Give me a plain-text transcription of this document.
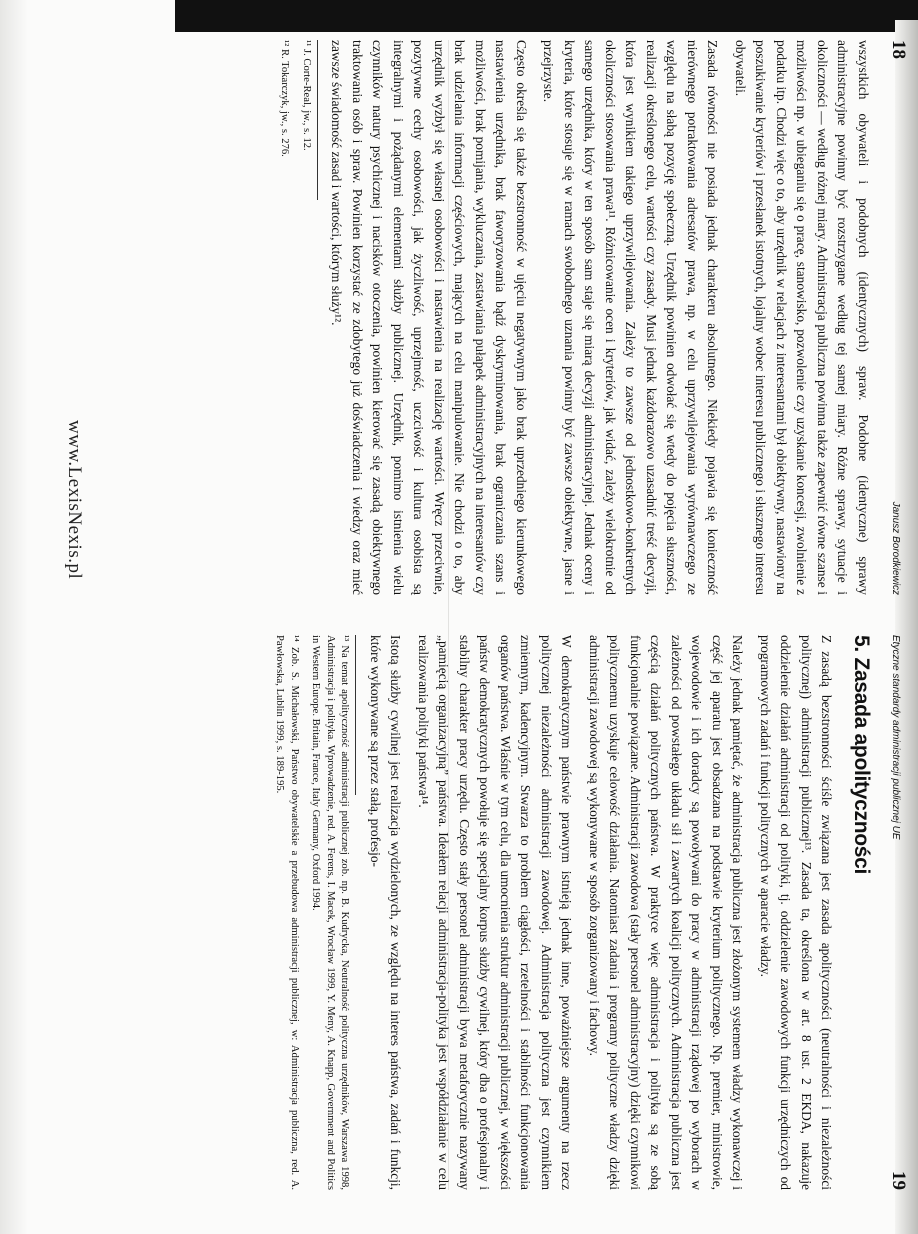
18
Janusz Borodkiewicz

wszystkich obywateli i podobnych (identycznych) spraw. Podobne (identyczne) sprawy administracyjne powinny być rozstrzygane według tej samej miary. Różne sprawy, sytuacje i okoliczności — według różnej miary. Administracja publiczna powinna także zapewnić równe szanse i możliwości np. w ubieganiu się o pracę, stanowisko, pozwolenie czy uzyskanie koncesji, zwolnienie z podatku itp. Chodzi więc o to, aby urzędnik w relacjach z interesantami był obiektywny, nastawiony na poszukiwanie kryteriów i przesłanek istotnych, lojalny wobec interesu publicznego i słusznego interesu obywateli.

Zasada równości nie posiada jednak charakteru absolutnego. Niekiedy pojawia się konieczność nierównego potraktowania adresatów prawa, np. w celu uprzywilejowania wyrównawczego ze względu na słabą pozycję społeczną. Urzędnik powinien odwołać się wtedy do pojęcia słuszności, realizacji określonego celu, wartości czy zasady. Musi jednak każdorazowo uzasadnić treść decyzji, która jest wynikiem takiego uprzywilejowania. Zależy to zawsze od jednostkowo-konkretnych okoliczności stosowania prawa¹¹. Różnicowanie ocen i kryteriów, jak widać, zależy wielokrotnie od samego urzędnika, który w ten sposób sam staje się miarą decyzji administracyjnej. Jednak oceny i kryteria, które stosuje się w ramach swobodnego uznania powinny być zawsze obiektywne, jasne i przejrzyste.

Często określa się także bezstronność w ujęciu negatywnym jako brak uprzedniego kierunkowego nastawienia urzędnika, brak faworyzowania bądź dyskryminowania, brak ograniczania szans i możliwości, brak pomijania, wykluczania, zastawiania pułapek administracyjnych na interesantów czy brak udzielania informacji częściowych, mających na celu manipulowanie. Nie chodzi o to, aby urzędnik wyzbył się własnej osobowości i nastawienia na realizację wartości. Wręcz przeciwnie, pozytywne cechy osobowości, jak życzliwość, uprzejmość, uczciwość i kultura osobista są integralnymi i pożądanymi elementami służby publicznej. Urzędnik, pomimo istnienia wielu czynników natury psychicznej i nacisków otoczenia, powinien kierować się zasadą obiektywnego traktowania osób i spraw. Powinien korzystać ze zdobytego już doświadczenia i wiedzy oraz mieć zawsze świadomość zasad i wartości, którym służy¹².

¹¹ J. Corte-Real, jw., s. 12.

¹² R. Tokarczyk, jw., s. 276.

www.LexisNexis.pl
Etyczne standardy administracji publicznej UE
19
5. Zasada apolityczności

Z zasadą bezstronności ściśle związana jest zasada apolityczności (neutralności i niezależności politycznej) administracji publicznej¹³. Zasada ta, określona w art. 8 ust. 2 EKDA, nakazuje oddzielenie działań administracji od polityki, tj. oddzielenie zawodowych funkcji urzędniczych od programowych zadań i funkcji politycznych w aparacie władzy.

Należy jednak pamiętać, że administracja publiczna jest złożonym systemem władzy wykonawczej i część jej aparatu jest obsadzana na podstawie kryterium politycznego. Np. premier, ministrowie, wojewodowie i ich doradcy są powoływani do pracy w administracji rządowej po wyborach w zależności od powstałego układu sił i zawartych koalicji politycznych. Administracja publiczna jest częścią działań politycznych państwa. W praktyce więc administracja i polityka są ze sobą funkcjonalnie powiązane. Administracji zawodowa (stały personel administracyjny) dzięki czynnikowi politycznemu uzyskuje celowość działania. Natomiast zadania i programy polityczne władzy dzięki administracji zawodowej są wykonywane w sposób zorganizowany i fachowy.

W demokratycznym państwie prawnym istnieją jednak inne, poważniejsze argumenty na rzecz politycznej niezależności administracji zawodowej. Administracja polityczna jest czynnikiem zmiennym, kadencyjnym. Stwarza to problem ciągłości, rzetelności i stabilności funkcjonowania organów państwa. Właśnie w tym celu, dla umocnienia struktur administracji publicznej, w większości państw demokratycznych powołuje się specjalny korpus służby cywilnej, który dba o profesjonalny i stabilny charakter pracy urzędu. Często stały personel administracji bywa metaforycznie nazywany „pamięcią organizacyjną” państwa. Ideałem relacji administracja-polityka jest współdziałanie w celu realizowania polityki państwa¹⁴.

Istotą służby cywilnej jest realizacja wydzielonych, ze względu na interes państwa, zadań i funkcji, które wykonywane są przez stałą, profesjo-

¹³ Na temat apolityczność administracji publicznej zob. np. B. Kudrycka, Neutralność polityczna urzędników, Warszawa 1998, Administracja i polityka. Wprowadzenie, red. A. Ferens, I. Macek, Wrocław 1999, Y. Meny, A. Knapp, Government and Politics in Western Europe. Britain, France, Italy Germany, Oxford 1994.

¹⁴ Zob. S. Michałowski, Państwo obywatelskie a przebudowa administracji publicznej, w: Administracja publiczna, red. A. Pawłowska, Lublin 1999, s. 189-195.
